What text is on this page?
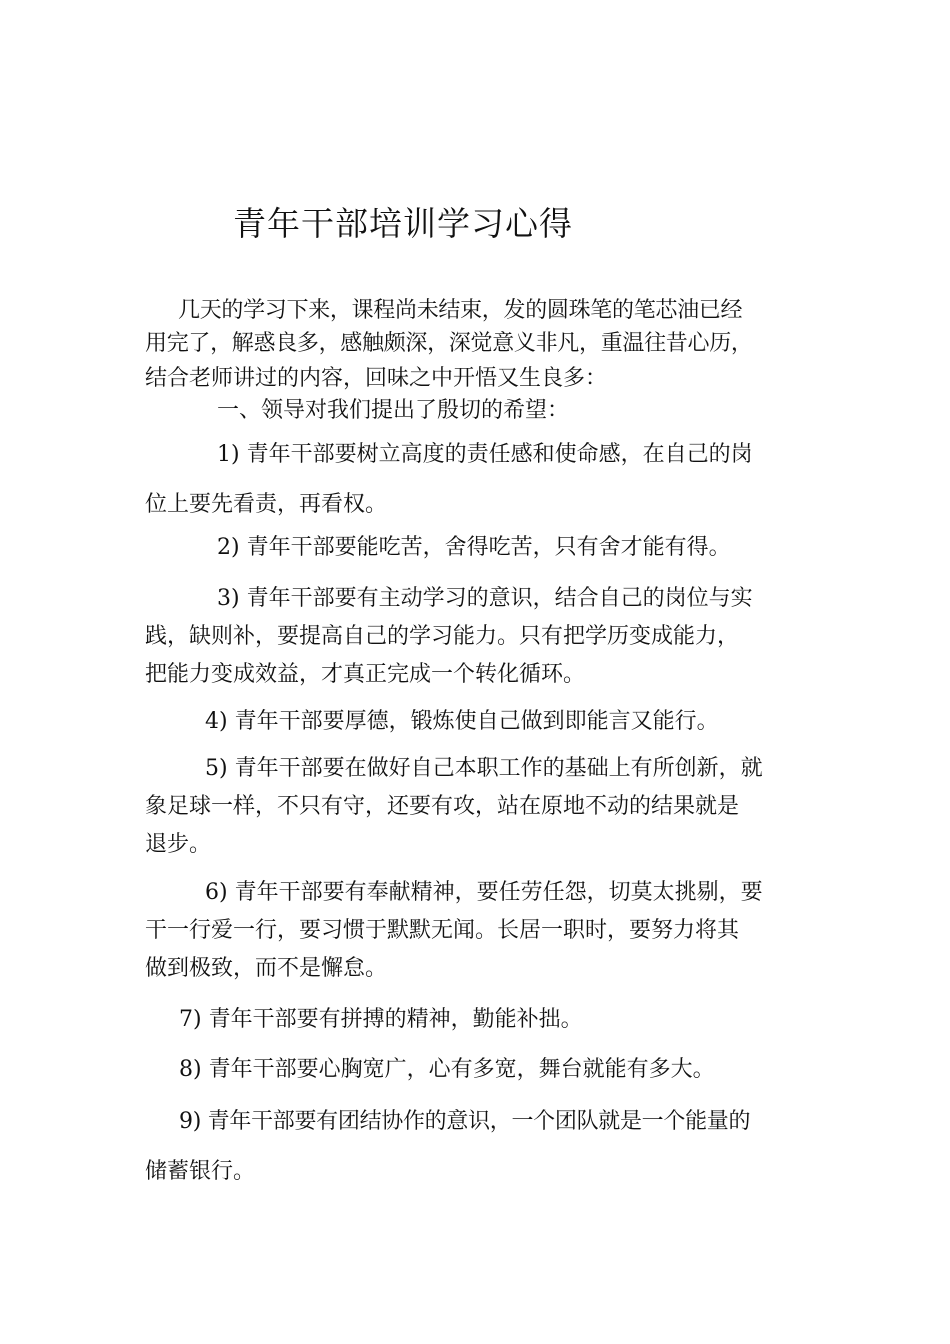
青年干部培训学习心得
几天的学习下来，课程尚未结束，发的圆珠笔的笔芯油已经
用完了，解惑良多，感触颇深，深觉意义非凡，重温往昔心历，
结合老师讲过的内容，回味之中开悟又生良多：
一、领导对我们提出了殷切的希望：
1) 青年干部要树立高度的责任感和使命感，在自己的岗
位上要先看责，再看权。
2) 青年干部要能吃苦，舍得吃苦，只有舍才能有得。
3) 青年干部要有主动学习的意识，结合自己的岗位与实
践，缺则补，要提高自己的学习能力。只有把学历变成能力，
把能力变成效益，才真正完成一个转化循环。
4) 青年干部要厚德，锻炼使自己做到即能言又能行。
5) 青年干部要在做好自己本职工作的基础上有所创新，就
象足球一样，不只有守，还要有攻，站在原地不动的结果就是
退步。
6) 青年干部要有奉献精神，要任劳任怨，切莫太挑剔，要
干一行爱一行，要习惯于默默无闻。长居一职时，要努力将其
做到极致，而不是懈怠。
7) 青年干部要有拼搏的精神，勤能补拙。
8) 青年干部要心胸宽广，心有多宽，舞台就能有多大。
9) 青年干部要有团结协作的意识，一个团队就是一个能量的
储蓄银行。
